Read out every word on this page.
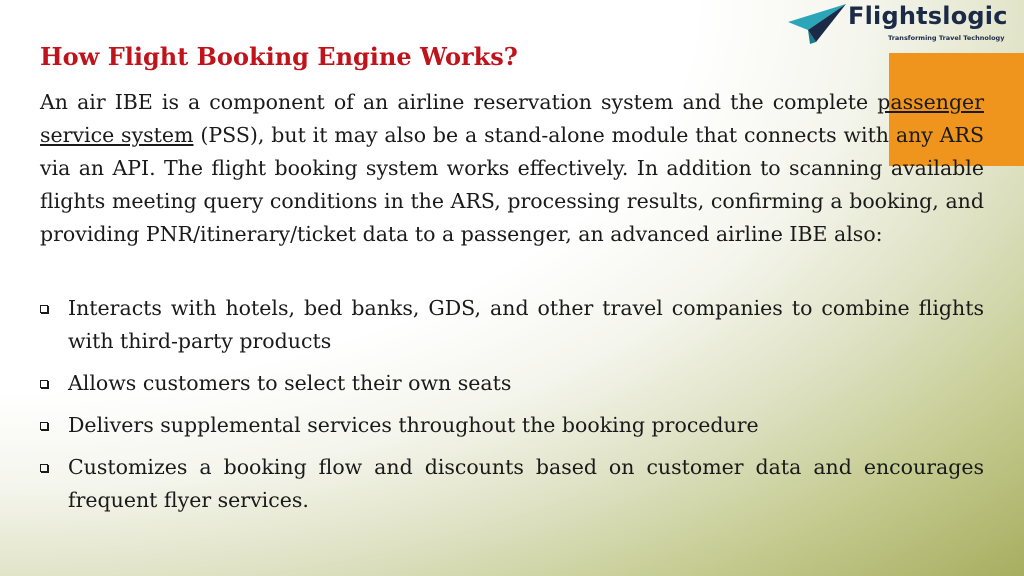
Flightslogic
Transforming Travel Technology
How Flight Booking Engine Works?

An air IBE is a component of an airline reservation system and the complete passenger service system (PSS), but it may also be a stand-alone module that connects with any ARS via an API. The flight booking system works effectively. In addition to scanning available flights meeting query conditions in the ARS, processing results, confirming a booking, and providing PNR/itinerary/ticket data to a passenger, an advanced airline IBE also:

Interacts with hotels, bed banks, GDS, and other travel companies to combine flights with third-party products
Allows customers to select their own seats
Delivers supplemental services throughout the booking procedure
Customizes a booking flow and discounts based on customer data and encourages frequent flyer services.
